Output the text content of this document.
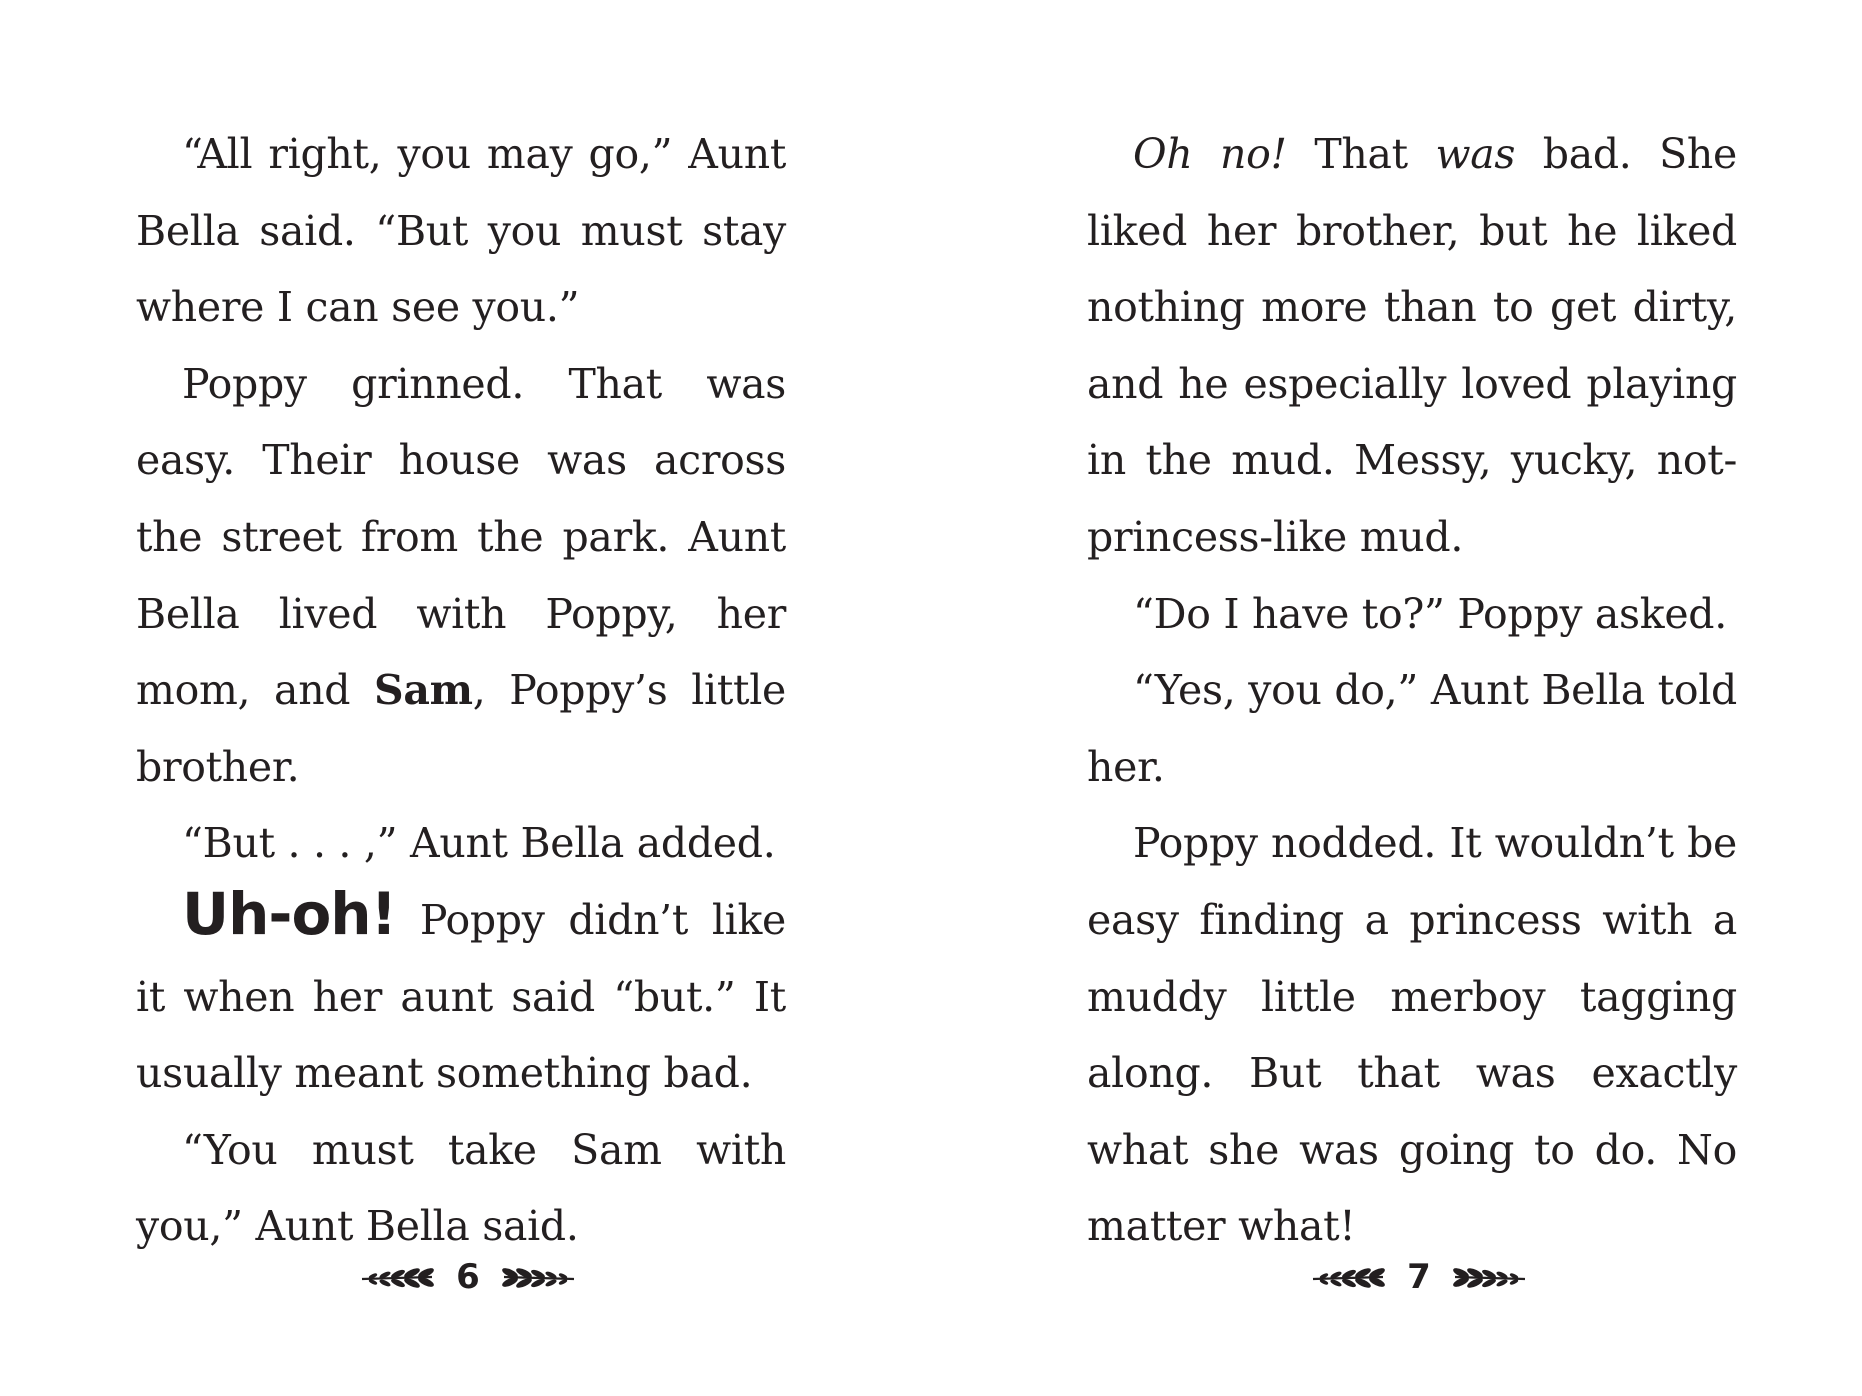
“All right, you may go,” Aunt Bella said. “But you must stay where I can see you.”

Poppy grinned. That was easy. Their house was across the street from the park. Aunt Bella lived with Poppy, her mom, and Sam, Poppy’s little brother.

“But . . . ,” Aunt Bella added.

Uh-oh! Poppy didn’t like it when her aunt said “but.” It usually meant something bad.

“You must take Sam with you,” Aunt Bella said.

Oh no! That was bad. She liked her brother, but he liked nothing more than to get dirty, and he especially loved playing in the mud. Messy, yucky, not-princess-like mud.

“Do I have to?” Poppy asked.

“Yes, you do,” Aunt Bella told her.

Poppy nodded. It wouldn’t be easy finding a princess with a muddy little merboy tagging along. But that was exactly what she was going to do. No matter what!

6	7
